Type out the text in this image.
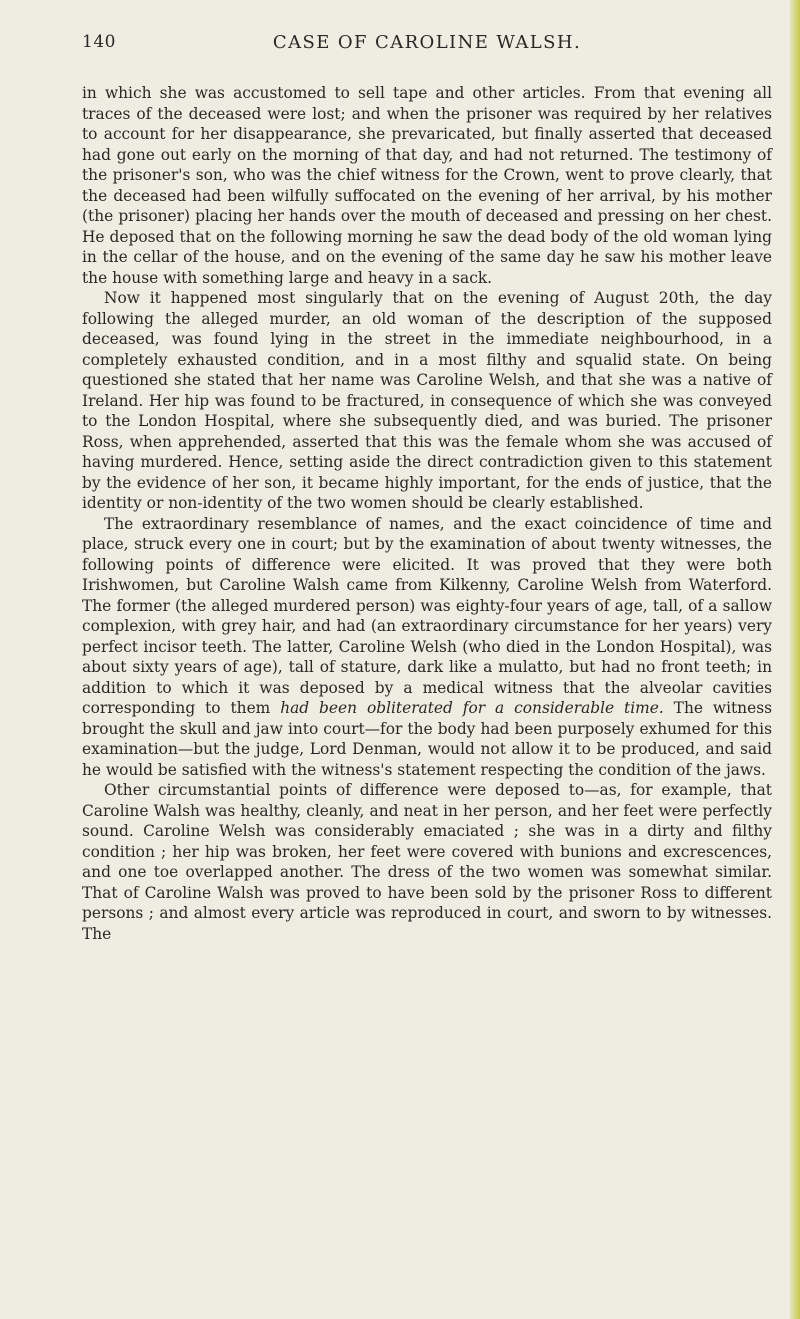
140	CASE OF CAROLINE WALSH.

in which she was accustomed to sell tape and other articles. From that evening all traces of the deceased were lost; and when the prisoner was required by her relatives to account for her disappearance, she prevaricated, but finally asserted that deceased had gone out early on the morning of that day, and had not returned. The testimony of the prisoner's son, who was the chief witness for the Crown, went to prove clearly, that the deceased had been wilfully suffocated on the evening of her arrival, by his mother (the prisoner) placing her hands over the mouth of deceased and pressing on her chest. He deposed that on the following morning he saw the dead body of the old woman lying in the cellar of the house, and on the evening of the same day he saw his mother leave the house with something large and heavy in a sack.

Now it happened most singularly that on the evening of August 20th, the day following the alleged murder, an old woman of the description of the supposed deceased, was found lying in the street in the immediate neighbourhood, in a completely exhausted condition, and in a most filthy and squalid state. On being questioned she stated that her name was Caroline Welsh, and that she was a native of Ireland. Her hip was found to be fractured, in consequence of which she was conveyed to the London Hospital, where she subsequently died, and was buried. The prisoner Ross, when apprehended, asserted that this was the female whom she was accused of having murdered. Hence, setting aside the direct contradiction given to this statement by the evidence of her son, it became highly important, for the ends of justice, that the identity or non-identity of the two women should be clearly established.

The extraordinary resemblance of names, and the exact coincidence of time and place, struck every one in court; but by the examination of about twenty witnesses, the following points of difference were elicited. It was proved that they were both Irishwomen, but Caroline Walsh came from Kilkenny, Caroline Welsh from Waterford. The former (the alleged murdered person) was eighty-four years of age, tall, of a sallow complexion, with grey hair, and had (an extraordinary circumstance for her years) very perfect incisor teeth. The latter, Caroline Welsh (who died in the London Hospital), was about sixty years of age), tall of stature, dark like a mulatto, but had no front teeth; in addition to which it was deposed by a medical witness that the alveolar cavities corresponding to them had been obliterated for a considerable time. The witness brought the skull and jaw into court—for the body had been purposely exhumed for this examination—but the judge, Lord Denman, would not allow it to be produced, and said he would be satisfied with the witness's statement respecting the condition of the jaws.

Other circumstantial points of difference were deposed to—as, for example, that Caroline Walsh was healthy, cleanly, and neat in her person, and her feet were perfectly sound. Caroline Welsh was considerably emaciated ; she was in a dirty and filthy condition ; her hip was broken, her feet were covered with bunions and excrescences, and one toe overlapped another. The dress of the two women was somewhat similar. That of Caroline Walsh was proved to have been sold by the prisoner Ross to different persons ; and almost every article was reproduced in court, and sworn to by witnesses. The
